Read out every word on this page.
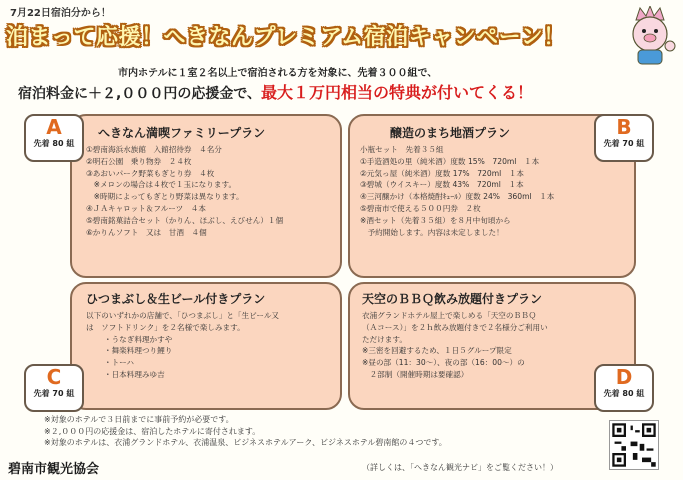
7月22日宿泊分から！
泊まって応援！へきなんプレミアム宿泊キャンペーン！
市内ホテルに１室２名以上で宿泊される方を対象に、先着３００組で、
宿泊料金に＋２,０００円の応援金で、最大１万円相当の特典が付いてくる！
A
先着 80 組
へきなん満喫ファミリープラン
①碧南海浜水族館　入館招待券　４名分
②明石公園　乗り物券　２４枚
③あおいパーク野菜もぎとり券　４枚
　※メロンの場合は４枚で１玉になります。
　※時期によってもぎとり野菜は異なります。
④ＪＡキャロット＆フルーツ　４本
⑤碧南銘菓詰合セット（かりん、ほぶし、えびせん）１個
⑥かりんソフト　又は　甘酒　４個
B
先着 70 組
醸造のまち地酒プラン
小瓶セット　先着３５組
①手造酒処の里（純米酒）度数 15%　720ml　１本
②元気っ屋（純米酒）度数 17%　720ml　１本
③碧城（ウイスキー）度数 43%　720ml　１本
④三河醸かけ（本格焼酎ｷｭｰﾙ）度数 24%　360ml　１本
⑤碧南市で使える５００円券　２枚
※酒セット（先着３５組）を８月中旬頃から
　予約開始します。内容は未定しました！
C
先着 70 組
ひつまぶし＆生ビール付きプラン
以下のいずれかの店舗で、「ひつまぶし」と「生ビール又
は　ソフトドリンク」を２名様で楽しみます。
・うなぎ料理かすや
・舞楽料理つり鯉り
・トーハ
・日本料理みゆ吉	D
先着 80 組
天空のＢＢＱ飲み放題付きプラン
衣浦グランドホテル屋上で楽しめる「天空のＢＢＱ
（Ａコース）」を２ｈ飲み放題付きで２名様分ご利用い
ただけます。
※三密を回避するため、１日５グループ限定
※昼の部（11：30～）、夜の部（16：00～）の
　２部制（開催時期は要確認）
※対象のホテルで３日前までに事前予約が必要です。
※２,０００円の応援金は、宿泊したホテルに寄付されます。
※対象のホテルは、衣浦グランドホテル、衣浦温泉、ビジネスホテルアーク、ビジネスホテル碧南館の４つです。
碧南市観光協会	（詳しくは、「へきなん観光ナビ」をご覧ください！）
